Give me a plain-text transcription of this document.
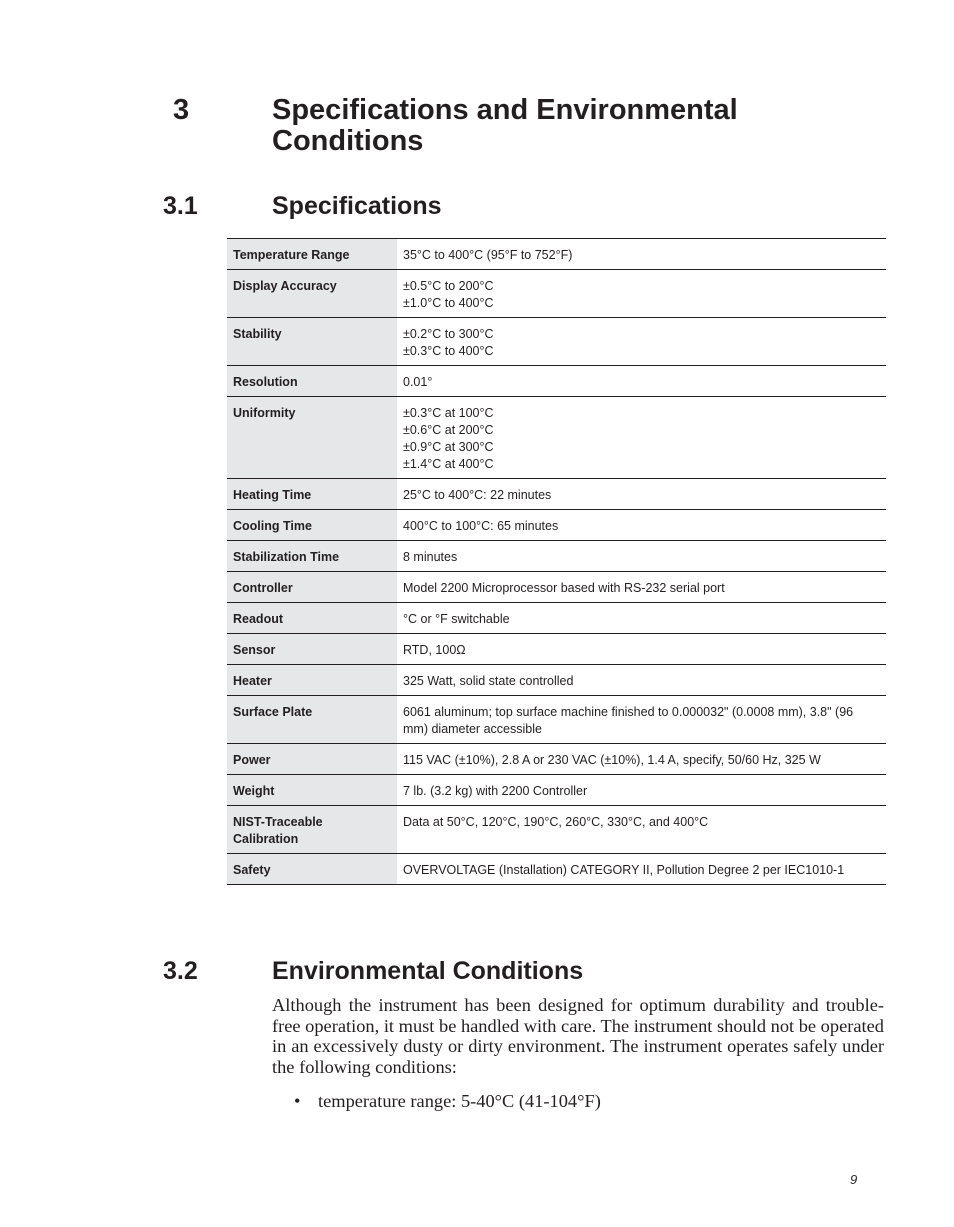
3	Specifications and Environmental Conditions
3.1	Specifications
Temperature Range	35°C to 400°C (95°F to 752°F)

Display Accuracy	±0.5°C to 200°C
±1.0°C to 400°C

Stability	±0.2°C to 300°C
±0.3°C to 400°C

Resolution	0.01°

Uniformity	±0.3°C at 100°C
±0.6°C at 200°C
±0.9°C at 300°C
±1.4°C at 400°C

Heating Time	25°C to 400°C: 22 minutes

Cooling Time	400°C to 100°C: 65 minutes

Stabilization Time	8 minutes

Controller	Model 2200 Microprocessor based with RS-232 serial port

Readout	°C or °F switchable

Sensor	RTD, 100Ω

Heater	325 Watt, solid state controlled

Surface Plate	6061 aluminum; top surface machine finished to 0.000032" (0.0008 mm), 3.8" (96 mm) diameter accessible

Power	115 VAC (±10%), 2.8 A or 230 VAC (±10%), 1.4 A, specify, 50/60 Hz, 325 W

Weight	7 lb. (3.2 kg) with 2200 Controller

NIST-Traceable Calibration	Data at 50°C, 120°C, 190°C, 260°C, 330°C, and 400°C

Safety	OVERVOLTAGE (Installation) CATEGORY II, Pollution Degree 2 per IEC1010-1
3.2	Environmental Conditions
Although the instrument has been designed for optimum durability and trouble-free operation, it must be handled with care. The instrument should not be operated in an excessively dusty or dirty environment. The instrument operates safely under the following conditions:
• temperature range: 5-40°C (41-104°F)
9
